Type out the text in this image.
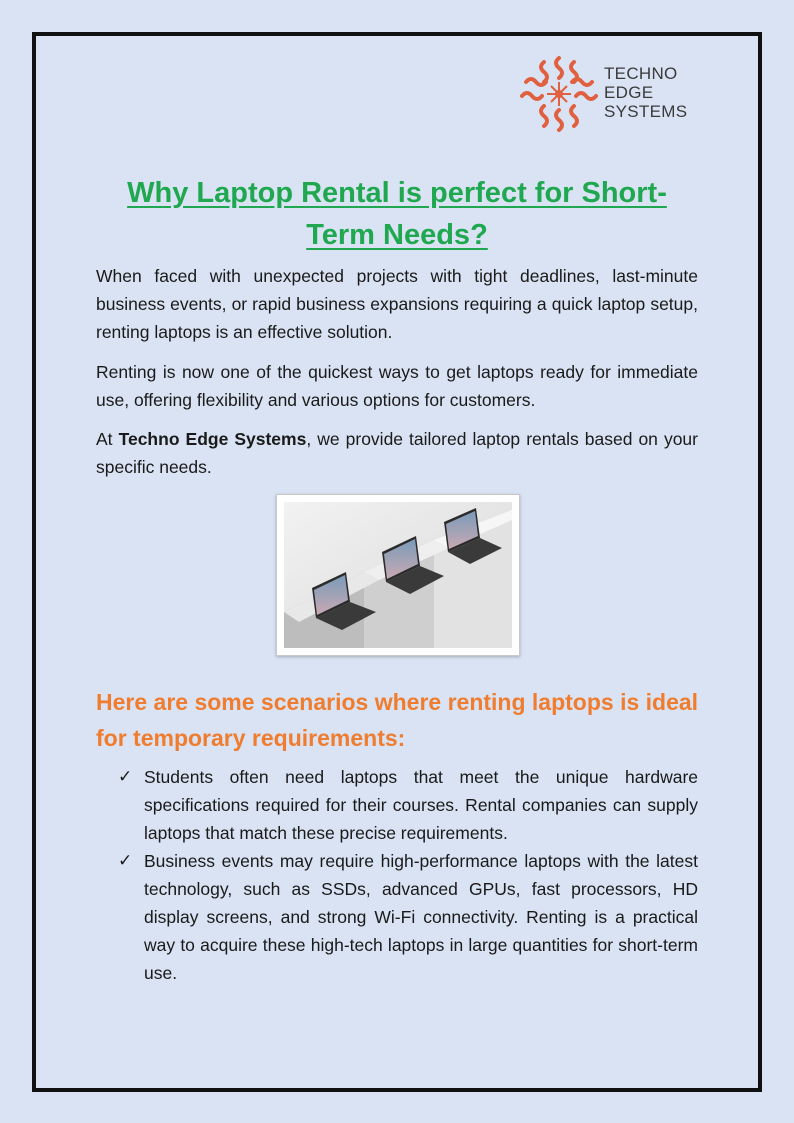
TECHNO
EDGE
SYSTEMS
Why Laptop Rental is perfect for Short-Term Needs?

When faced with unexpected projects with tight deadlines, last-minute business events, or rapid business expansions requiring a quick laptop setup, renting laptops is an effective solution.

Renting is now one of the quickest ways to get laptops ready for immediate use, offering flexibility and various options for customers.

At Techno Edge Systems, we provide tailored laptop rentals based on your specific needs.

Here are some scenarios where renting laptops is ideal for temporary requirements:
✓ Students often need laptops that meet the unique hardware specifications required for their courses. Rental companies can supply laptops that match these precise requirements.
✓ Business events may require high-performance laptops with the latest technology, such as SSDs, advanced GPUs, fast processors, HD display screens, and strong Wi-Fi connectivity. Renting is a practical way to acquire these high-tech laptops in large quantities for short-term use.
